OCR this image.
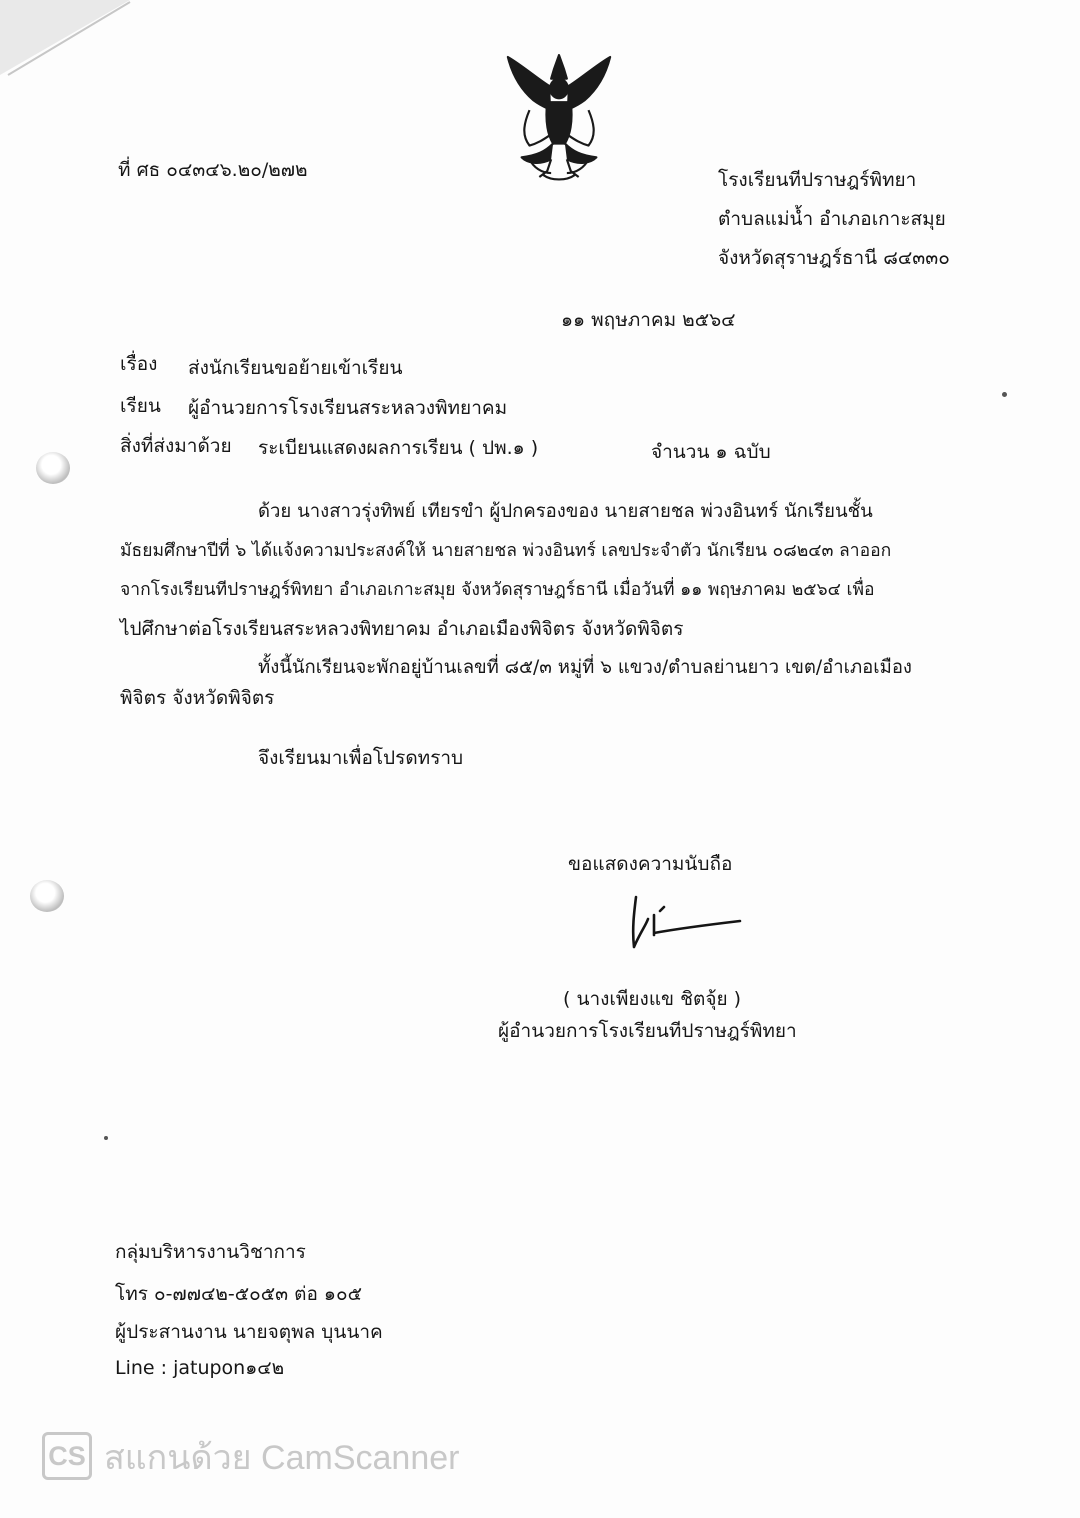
ที่ ศธ ๐๔๓๔๖.๒๐/๒๗๒	โรงเรียนทีปราษฎร์พิทยา
ตำบลแม่น้ำ อำเภอเกาะสมุย
จังหวัดสุราษฎร์ธานี ๘๔๓๓๐
๑๑ พฤษภาคม ๒๕๖๔
เรื่อง ส่งนักเรียนขอย้ายเข้าเรียน
เรียน ผู้อำนวยการโรงเรียนสระหลวงพิทยาคม
สิ่งที่ส่งมาด้วย ระเบียนแสดงผลการเรียน ( ปพ.๑ )	จำนวน ๑ ฉบับ
ด้วย นางสาวรุ่งทิพย์ เทียรขำ ผู้ปกครองของ นายสายชล พ่วงอินทร์ นักเรียนชั้น
มัธยมศึกษาปีที่ ๖ ได้แจ้งความประสงค์ให้ นายสายชล พ่วงอินทร์ เลขประจำตัว นักเรียน ๐๘๒๔๓ ลาออก
จากโรงเรียนทีปราษฎร์พิทยา อำเภอเกาะสมุย จังหวัดสุราษฎร์ธานี เมื่อวันที่ ๑๑ พฤษภาคม ๒๕๖๔ เพื่อ
ไปศึกษาต่อโรงเรียนสระหลวงพิทยาคม อำเภอเมืองพิจิตร จังหวัดพิจิตร
ทั้งนี้นักเรียนจะพักอยู่บ้านเลขที่ ๘๕/๓ หมู่ที่ ๖ แขวง/ตำบลย่านยาว เขต/อำเภอเมือง
พิจิตร จังหวัดพิจิตร
จึงเรียนมาเพื่อโปรดทราบ
ขอแสดงความนับถือ
( นางเพียงแข ชิตจุ้ย )
ผู้อำนวยการโรงเรียนทีปราษฎร์พิทยา
กลุ่มบริหารงานวิชาการ
โทร ๐-๗๗๔๒-๕๐๕๓ ต่อ ๑๐๕
ผู้ประสานงาน นายจตุพล บุนนาค
Line : jatupon๑๔๒
CS สแกนด้วย CamScanner
